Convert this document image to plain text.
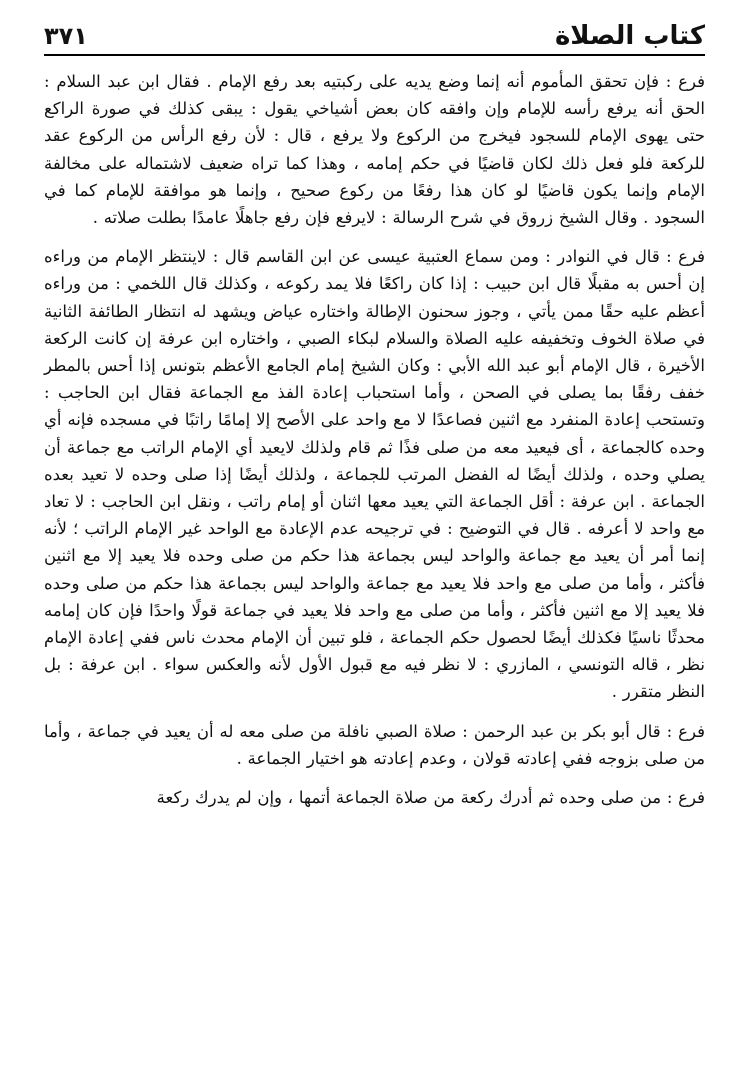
كتاب الصلاة
٣٧١

فرع : فإن تحقق المأموم أنه إنما وضع يديه على ركبتيه بعد رفع الإمام . فقال ابن عبد السلام : الحق أنه يرفع رأسه للإمام وإن وافقه كان بعض أشياخي يقول : يبقى كذلك في صورة الراكع حتى يهوى الإمام للسجود فيخرج من الركوع ولا يرفع ، قال : لأن رفع الرأس من الركوع عقد للركعة فلو فعل ذلك لكان قاضيًا في حكم إمامه ، وهذا كما تراه ضعيف لاشتماله على مخالفة الإمام وإنما يكون قاضيًا لو كان هذا رفعًا من ركوع صحيح ، وإنما هو موافقة للإمام كما في السجود . وقال الشيخ زروق في شرح الرسالة : لايرفع فإن رفع جاهلًا عامدًا بطلت صلاته .

فرع : قال في النوادر : ومن سماع العتبية عيسى عن ابن القاسم قال : لاينتظر الإمام من وراءه إن أحس به مقبلًا قال ابن حبيب : إذا كان راكعًا فلا يمد ركوعه ، وكذلك قال اللخمي : من وراءه أعظم عليه حقًا ممن يأتي ، وجوز سحنون الإطالة واختاره عياض ويشهد له انتظار الطائفة الثانية في صلاة الخوف وتخفيفه عليه الصلاة والسلام لبكاء الصبي ، واختاره ابن عرفة إن كانت الركعة الأخيرة ، قال الإمام أبو عبد الله الأبي : وكان الشيخ إمام الجامع الأعظم بتونس إذا أحس بالمطر خفف رفقًا بما يصلى في الصحن ، وأما استحباب إعادة الفذ مع الجماعة فقال ابن الحاجب : وتستحب إعادة المنفرد مع اثنين فصاعدًا لا مع واحد على الأصح إلا إمامًا راتبًا في مسجده فإنه أي وحده كالجماعة ، أى فيعيد معه من صلى فذًا ثم قام ولذلك لايعيد أي الإمام الراتب مع جماعة أن يصلي وحده ، ولذلك أيضًا له الفضل المرتب للجماعة ، ولذلك أيضًا إذا صلى وحده لا تعيد بعده الجماعة . ابن عرفة : أقل الجماعة التي يعيد معها اثنان أو إمام راتب ، ونقل ابن الحاجب : لا تعاد مع واحد لا أعرفه . قال في التوضيح : في ترجيحه عدم الإعادة مع الواحد غير الإمام الراتب ؛ لأنه إنما أمر أن يعيد مع جماعة والواحد ليس بجماعة هذا حكم من صلى وحده فلا يعيد إلا مع اثنين فأكثر ، وأما من صلى مع واحد فلا يعيد مع جماعة والواحد ليس بجماعة هذا حكم من صلى وحده فلا يعيد إلا مع اثنين فأكثر ، وأما من صلى مع واحد فلا يعيد في جماعة قولًا واحدًا فإن كان إمامه محدثًا ناسيًا فكذلك أيضًا لحصول حكم الجماعة ، فلو تبين أن الإمام محدث ناس ففي إعادة الإمام نظر ، قاله التونسي ، المازري : لا نظر فيه مع قبول الأول لأنه والعكس سواء . ابن عرفة : بل النظر متقرر .

فرع : قال أبو بكر بن عبد الرحمن : صلاة الصبي نافلة من صلى معه له أن يعيد في جماعة ، وأما من صلى بزوجه ففي إعادته قولان ، وعدم إعادته هو اختيار الجماعة .

فرع : من صلى وحده ثم أدرك ركعة من صلاة الجماعة أتمها ، وإن لم يدرك ركعة
